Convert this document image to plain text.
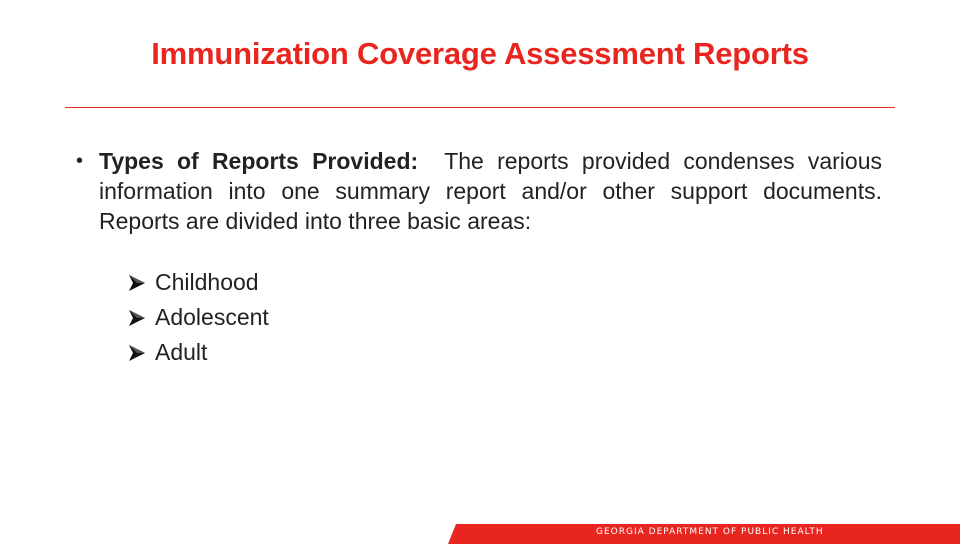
Immunization Coverage Assessment Reports
• Types of Reports Provided:  The reports provided condenses various information into one summary report and/or other support documents.  Reports are divided into three basic areas:
Childhood
Adolescent
Adult
GEORGIA DEPARTMENT OF PUBLIC HEALTH
